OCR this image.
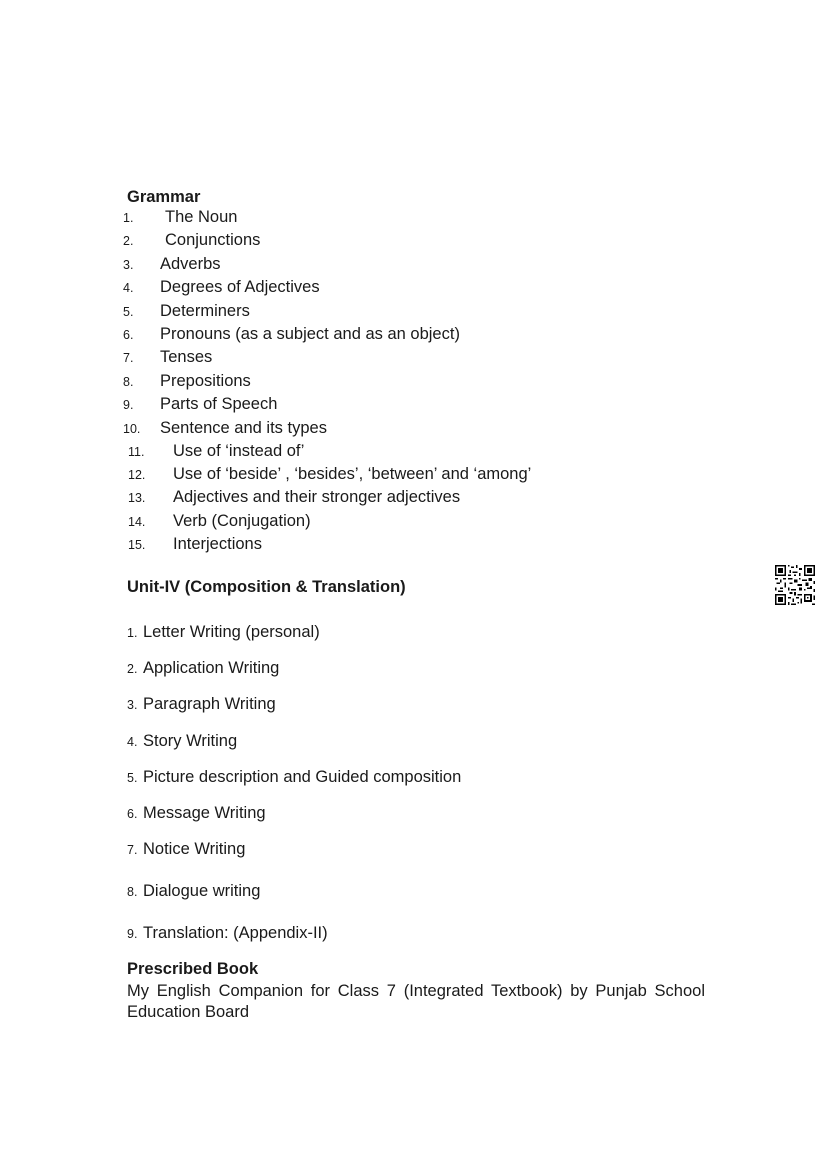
Grammar
1. The Noun
2. Conjunctions
3. Adverbs
4. Degrees of Adjectives
5. Determiners
6. Pronouns (as a subject and as an object)
7. Tenses
8. Prepositions
9. Parts of Speech
10. Sentence and its types
11. Use of ‘instead of’
12. Use of ‘beside’ , ‘besides’, ‘between’ and ‘among’
13. Adjectives and their stronger adjectives
14. Verb (Conjugation)
15. Interjections
Unit-IV (Composition & Translation)
1. Letter Writing (personal)
2. Application Writing
3. Paragraph Writing
4. Story Writing
5. Picture description and Guided composition
6. Message Writing
7. Notice Writing
8. Dialogue writing
9. Translation: (Appendix-II)
Prescribed Book
My English Companion for Class 7 (Integrated Textbook) by Punjab School Education Board
